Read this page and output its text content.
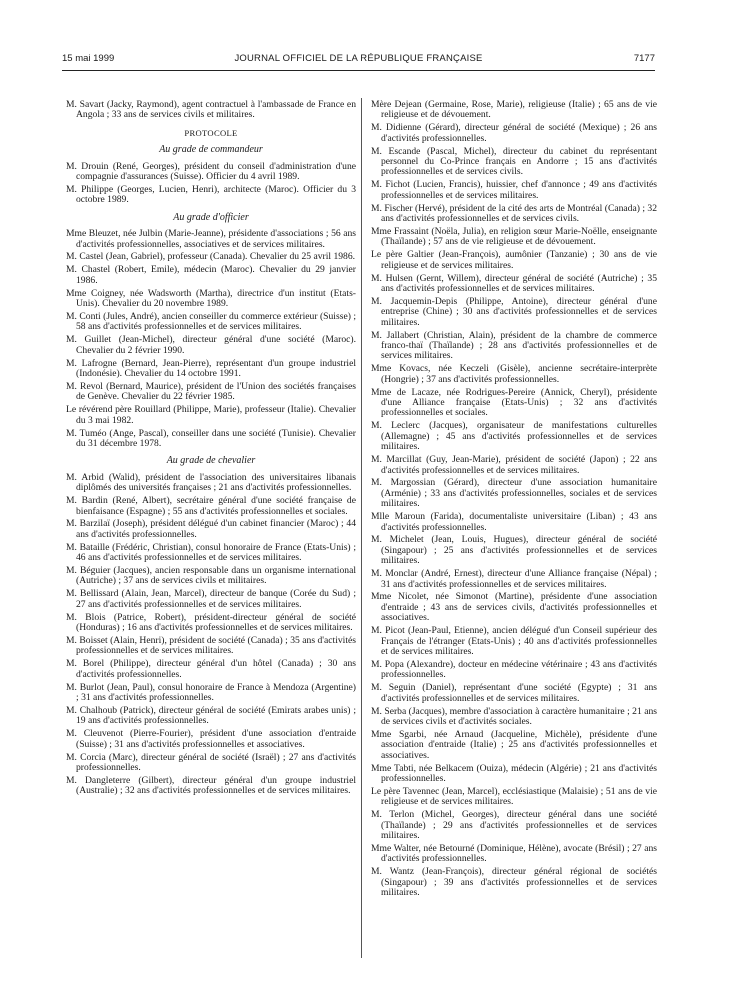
15 mai 1999	JOURNAL OFFICIEL DE LA RÉPUBLIQUE FRANÇAISE	7177

M. Savart (Jacky, Raymond), agent contractuel à l'ambassade de France en Angola ; 33 ans de services civils et militaires.

PROTOCOLE
Au grade de commandeur

M. Drouin (René, Georges), président du conseil d'administration d'une compagnie d'assurances (Suisse). Officier du 4 avril 1989.

M. Philippe (Georges, Lucien, Henri), architecte (Maroc). Officier du 3 octobre 1989.

Au grade d'officier

Mme Bleuzet, née Julbin (Marie-Jeanne), présidente d'associations ; 56 ans d'activités professionnelles, associatives et de services militaires.

M. Castel (Jean, Gabriel), professeur (Canada). Chevalier du 25 avril 1986.

M. Chastel (Robert, Emile), médecin (Maroc). Chevalier du 29 janvier 1986.

Mme Coigney, née Wadsworth (Martha), directrice d'un institut (Etats-Unis). Chevalier du 20 novembre 1989.

M. Conti (Jules, André), ancien conseiller du commerce extérieur (Suisse) ; 58 ans d'activités professionnelles et de services militaires.

M. Guillet (Jean-Michel), directeur général d'une société (Maroc). Chevalier du 2 février 1990.

M. Lafrogne (Bernard, Jean-Pierre), représentant d'un groupe industriel (Indonésie). Chevalier du 14 octobre 1991.

M. Revol (Bernard, Maurice), président de l'Union des sociétés françaises de Genève. Chevalier du 22 février 1985.

Le révérend père Rouillard (Philippe, Marie), professeur (Italie). Chevalier du 3 mai 1982.

M. Tuméo (Ange, Pascal), conseiller dans une société (Tunisie). Chevalier du 31 décembre 1978.

Au grade de chevalier

M. Arbid (Walid), président de l'association des universitaires libanais diplômés des universités françaises ; 21 ans d'activités professionnelles.

M. Bardin (René, Albert), secrétaire général d'une société française de bienfaisance (Espagne) ; 55 ans d'activités professionnelles et sociales.

M. Barzilaï (Joseph), président délégué d'un cabinet financier (Maroc) ; 44 ans d'activités professionnelles.

M. Bataille (Frédéric, Christian), consul honoraire de France (Etats-Unis) ; 46 ans d'activités professionnelles et de services militaires.

M. Béguier (Jacques), ancien responsable dans un organisme international (Autriche) ; 37 ans de services civils et militaires.

M. Bellissard (Alain, Jean, Marcel), directeur de banque (Corée du Sud) ; 27 ans d'activités professionnelles et de services militaires.

M. Blois (Patrice, Robert), président-directeur général de société (Honduras) ; 16 ans d'activités professionnelles et de services militaires.

M. Boisset (Alain, Henri), président de société (Canada) ; 35 ans d'activités professionnelles et de services militaires.

M. Borel (Philippe), directeur général d'un hôtel (Canada) ; 30 ans d'activités professionnelles.

M. Burlot (Jean, Paul), consul honoraire de France à Mendoza (Argentine) ; 31 ans d'activités professionnelles.

M. Chalhoub (Patrick), directeur général de société (Emirats arabes unis) ; 19 ans d'activités professionnelles.

M. Cleuvenot (Pierre-Fourier), président d'une association d'entraide (Suisse) ; 31 ans d'activités professionnelles et associatives.

M. Corcia (Marc), directeur général de société (Israël) ; 27 ans d'activités professionnelles.

M. Dangleterre (Gilbert), directeur général d'un groupe industriel (Australie) ; 32 ans d'activités professionnelles et de services militaires.

Mère Dejean (Germaine, Rose, Marie), religieuse (Italie) ; 65 ans de vie religieuse et de dévouement.

M. Didienne (Gérard), directeur général de société (Mexique) ; 26 ans d'activités professionnelles.

M. Escande (Pascal, Michel), directeur du cabinet du représentant personnel du Co-Prince français en Andorre ; 15 ans d'activités professionnelles et de services civils.

M. Fichot (Lucien, Francis), huissier, chef d'annonce ; 49 ans d'activités professionnelles et de services militaires.

M. Fischer (Hervé), président de la cité des arts de Montréal (Canada) ; 32 ans d'activités professionnelles et de services civils.

Mme Frassaint (Noëla, Julia), en religion sœur Marie-Noëlle, enseignante (Thaïlande) ; 57 ans de vie religieuse et de dévouement.

Le père Galtier (Jean-François), aumônier (Tanzanie) ; 30 ans de vie religieuse et de services militaires.

M. Hulsen (Gernt, Willem), directeur général de société (Autriche) ; 35 ans d'activités professionnelles et de services militaires.

M. Jacquemin-Depis (Philippe, Antoine), directeur général d'une entreprise (Chine) ; 30 ans d'activités professionnelles et de services militaires.

M. Jallabert (Christian, Alain), président de la chambre de commerce franco-thaï (Thaïlande) ; 28 ans d'activités professionnelles et de services militaires.

Mme Kovacs, née Keczeli (Gisèle), ancienne secrétaire-interprète (Hongrie) ; 37 ans d'activités professionnelles.

Mme de Lacaze, née Rodrigues-Pereire (Annick, Cheryl), présidente d'une Alliance française (Etats-Unis) ; 32 ans d'activités professionnelles et sociales.

M. Leclerc (Jacques), organisateur de manifestations culturelles (Allemagne) ; 45 ans d'activités professionnelles et de services militaires.

M. Marcillat (Guy, Jean-Marie), président de société (Japon) ; 22 ans d'activités professionnelles et de services militaires.

M. Margossian (Gérard), directeur d'une association humanitaire (Arménie) ; 33 ans d'activités professionnelles, sociales et de services militaires.

Mlle Maroun (Farida), documentaliste universitaire (Liban) ; 43 ans d'activités professionnelles.

M. Michelet (Jean, Louis, Hugues), directeur général de société (Singapour) ; 25 ans d'activités professionnelles et de services militaires.

M. Monclar (André, Ernest), directeur d'une Alliance française (Népal) ; 31 ans d'activités professionnelles et de services militaires.

Mme Nicolet, née Simonot (Martine), présidente d'une association d'entraide ; 43 ans de services civils, d'activités professionnelles et associatives.

M. Picot (Jean-Paul, Etienne), ancien délégué d'un Conseil supérieur des Français de l'étranger (Etats-Unis) ; 40 ans d'activités professionnelles et de services militaires.

M. Popa (Alexandre), docteur en médecine vétérinaire ; 43 ans d'activités professionnelles.

M. Seguin (Daniel), représentant d'une société (Egypte) ; 31 ans d'activités professionnelles et de services militaires.

M. Serba (Jacques), membre d'association à caractère humanitaire ; 21 ans de services civils et d'activités sociales.

Mme Sgarbi, née Arnaud (Jacqueline, Michèle), présidente d'une association d'entraide (Italie) ; 25 ans d'activités professionnelles et associatives.

Mme Tabti, née Belkacem (Ouiza), médecin (Algérie) ; 21 ans d'activités professionnelles.

Le père Tavennec (Jean, Marcel), ecclésiastique (Malaisie) ; 51 ans de vie religieuse et de services militaires.

M. Terlon (Michel, Georges), directeur général dans une société (Thaïlande) ; 29 ans d'activités professionnelles et de services militaires.

Mme Walter, née Betourné (Dominique, Hélène), avocate (Brésil) ; 27 ans d'activités professionnelles.

M. Wantz (Jean-François), directeur général régional de sociétés (Singapour) ; 39 ans d'activités professionnelles et de services militaires.
